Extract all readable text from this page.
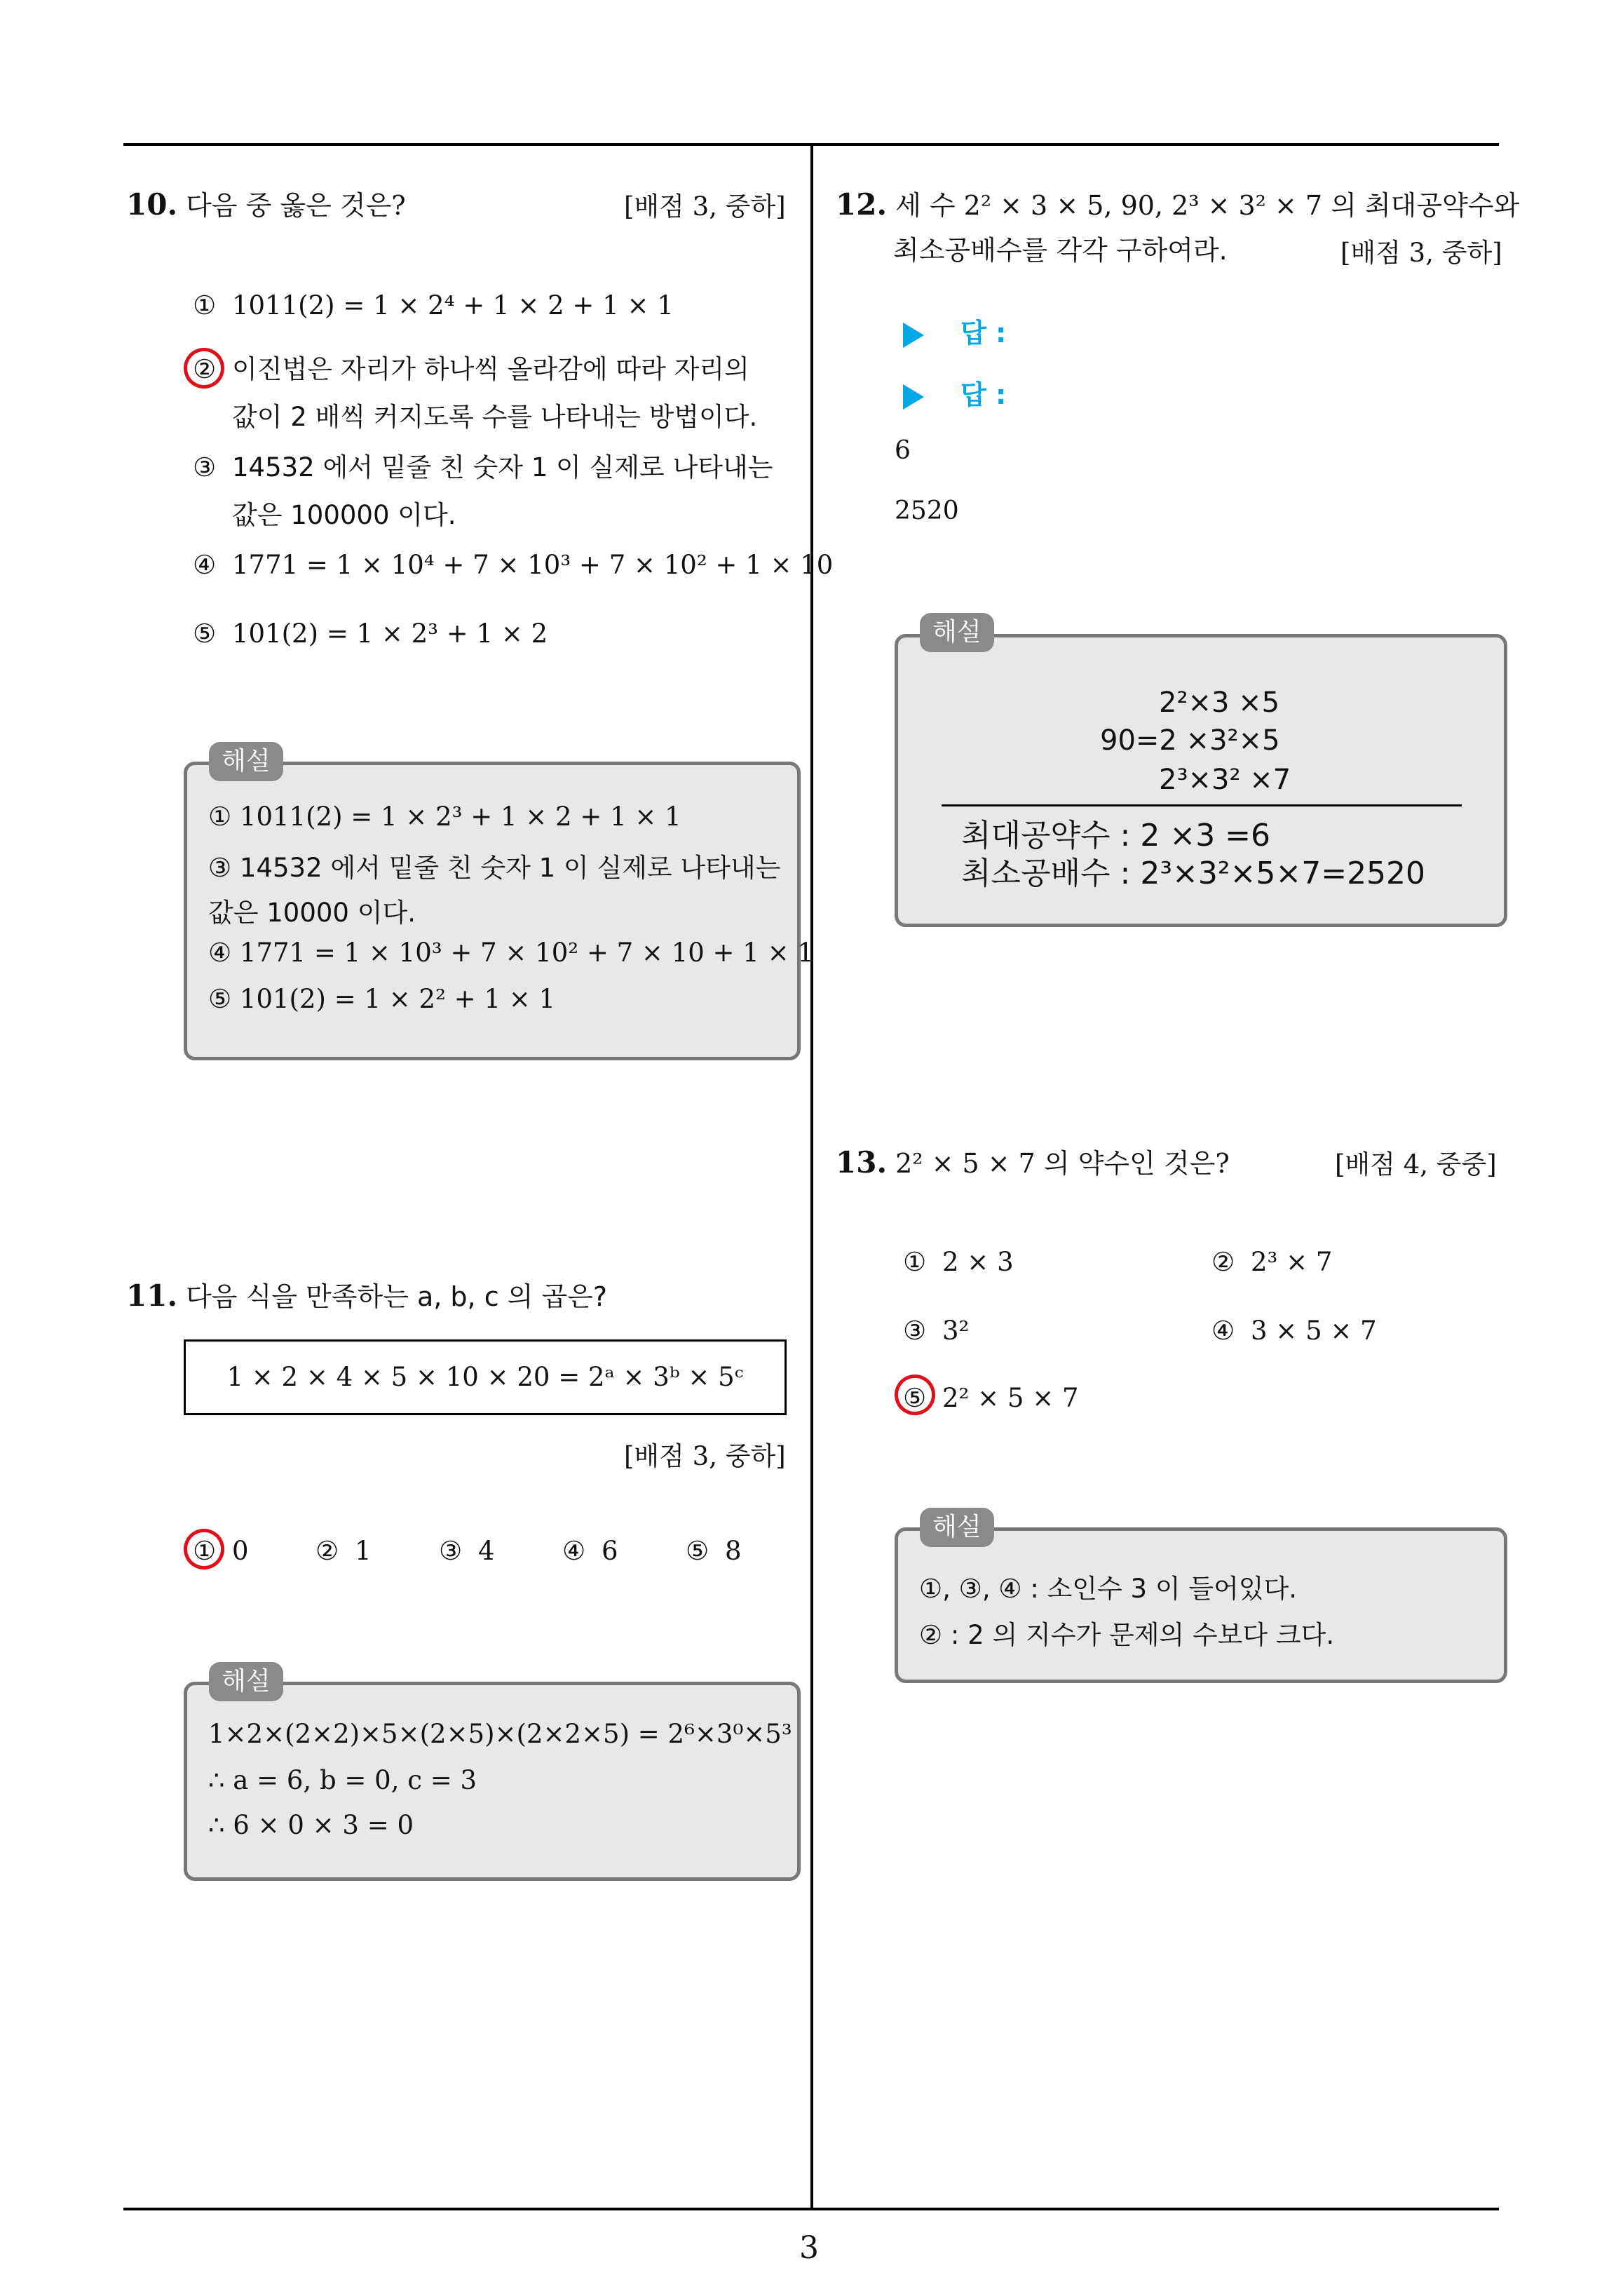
3
10. 다음 중 옳은 것은?	[배점 3, 중하]
① 1011(2) = 1 × 2⁴ + 1 × 2 + 1 × 1
② 이진법은 자리가 하나씩 올라감에 따라 자리의
값이 2 배씩 커지도록 수를 나타내는 방법이다.
③ 14532 에서 밑줄 친 숫자 1 이 실제로 나타내는
값은 100000 이다.
④ 1771 = 1 × 10⁴ + 7 × 10³ + 7 × 10² + 1 × 10
⑤ 101(2) = 1 × 2³ + 1 × 2
① 1011(2) = 1 × 2³ + 1 × 2 + 1 × 1
③ 14532 에서 밑줄 친 숫자 1 이 실제로 나타내는
값은 10000 이다.
④ 1771 = 1 × 10³ + 7 × 10² + 7 × 10 + 1 × 1
⑤ 101(2) = 1 × 2² + 1 × 1
해설
11. 다음 식을 만족하는 a, b, c 의 곱은?
1 × 2 × 4 × 5 × 10 × 20 = 2ᵃ × 3ᵇ × 5ᶜ
[배점 3, 중하]
① 0	② 1	③ 4	④ 6	⑤ 8
1×2×(2×2)×5×(2×5)×(2×2×5) = 2⁶×3⁰×5³
∴ a = 6, b = 0, c = 3
∴ 6 × 0 × 3 = 0
해설
12. 세 수 2² × 3 × 5, 90, 2³ × 3² × 7 의 최대공약수와
최소공배수를 각각 구하여라.	[배점 3, 중하]
답 :
답 :
6
2520
2²×3 ×5
90=2 ×3²×5
2³×3² ×7
최대공약수 : 2 ×3 =6
최소공배수 : 2³×3²×5×7=2520
해설
13. 2² × 5 × 7 의 약수인 것은?	[배점 4, 중중]
① 2 × 3	② 2³ × 7
③ 3²	④ 3 × 5 × 7
⑤ 2² × 5 × 7
①, ③, ④ : 소인수 3 이 들어있다.
② : 2 의 지수가 문제의 수보다 크다.
해설
